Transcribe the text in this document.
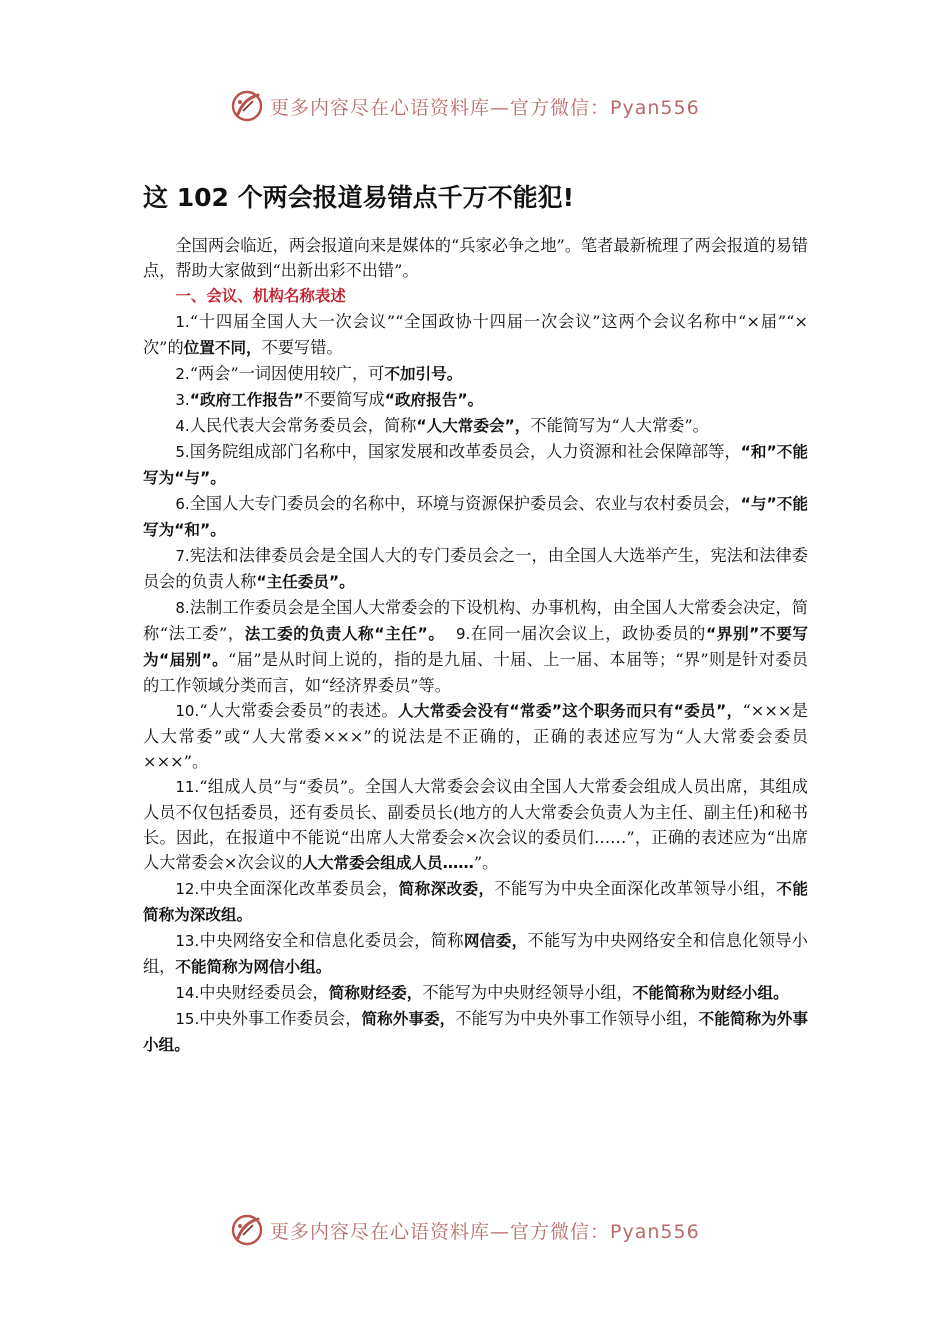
更多内容尽在心语资料库—官方微信：Pyan556
这 102 个两会报道易错点千万不能犯!

全国两会临近，两会报道向来是媒体的“兵家必争之地”。笔者最新梳理了两会报道的易错点，帮助大家做到“出新出彩不出错”。

一、会议、机构名称表述

1.“十四届全国人大一次会议”“全国政协十四届一次会议”这两个会议名称中“×届”“×次”的位置不同，不要写错。

2.“两会”一词因使用较广，可不加引号。

3.“政府工作报告”不要简写成“政府报告”。

4.人民代表大会常务委员会，简称“人大常委会”，不能简写为“人大常委”。

5.国务院组成部门名称中，国家发展和改革委员会，人力资源和社会保障部等，“和”不能写为“与”。

6.全国人大专门委员会的名称中，环境与资源保护委员会、农业与农村委员会，“与”不能写为“和”。

7.宪法和法律委员会是全国人大的专门委员会之一，由全国人大选举产生，宪法和法律委员会的负责人称“主任委员”。

8.法制工作委员会是全国人大常委会的下设机构、办事机构，由全国人大常委会决定，简称“法工委”，法工委的负责人称“主任”。 9.在同一届次会议上，政协委员的“界别”不要写为“届别”。“届”是从时间上说的，指的是九届、十届、上一届、本届等；“界”则是针对委员的工作领域分类而言，如“经济界委员”等。

10.“人大常委会委员”的表述。人大常委会没有“常委”这个职务而只有“委员”，“×××是人大常委”或“人大常委×××”的说法是不正确的，正确的表述应写为“人大常委会委员×××”。

11.“组成人员”与“委员”。全国人大常委会会议由全国人大常委会组成人员出席，其组成人员不仅包括委员，还有委员长、副委员长(地方的人大常委会负责人为主任、副主任)和秘书长。因此，在报道中不能说“出席人大常委会×次会议的委员们……”，正确的表述应为“出席人大常委会×次会议的人大常委会组成人员……”。

12.中央全面深化改革委员会，简称深改委，不能写为中央全面深化改革领导小组，不能简称为深改组。

13.中央网络安全和信息化委员会，简称网信委，不能写为中央网络安全和信息化领导小组，不能简称为网信小组。

14.中央财经委员会，简称财经委，不能写为中央财经领导小组，不能简称为财经小组。

15.中央外事工作委员会，简称外事委，不能写为中央外事工作领导小组，不能简称为外事小组。

更多内容尽在心语资料库—官方微信：Pyan556
